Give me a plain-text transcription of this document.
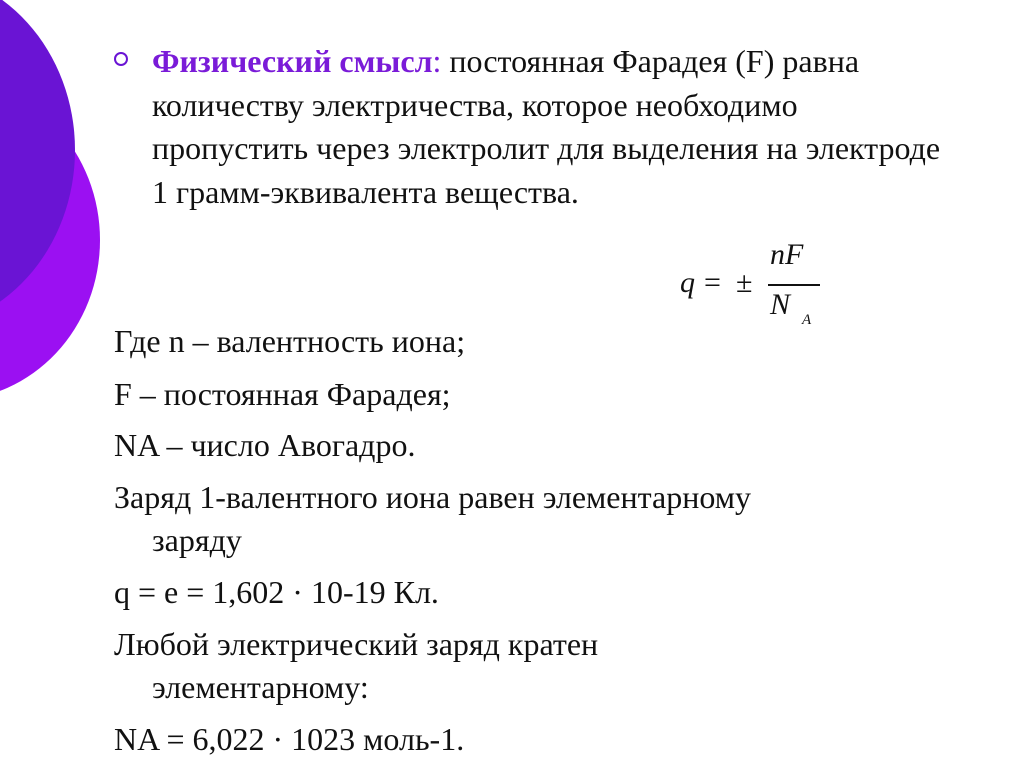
Физический смысл: постоянная Фарадея (F) равна количеству электричества, которое необходимо пропустить через электролит для выделения на электроде 1 грамм-эквивалента вещества.
q = ±
nF
N A
Где n – валентность иона;
F – постоянная Фарадея;
NA – число Авогадро.
Заряд 1-валентного иона равен элементарному
заряду
q = e = 1,602 · 10-19 Кл.
Любой электрический заряд кратен
элементарному:
NA = 6,022 · 1023 моль-1.
